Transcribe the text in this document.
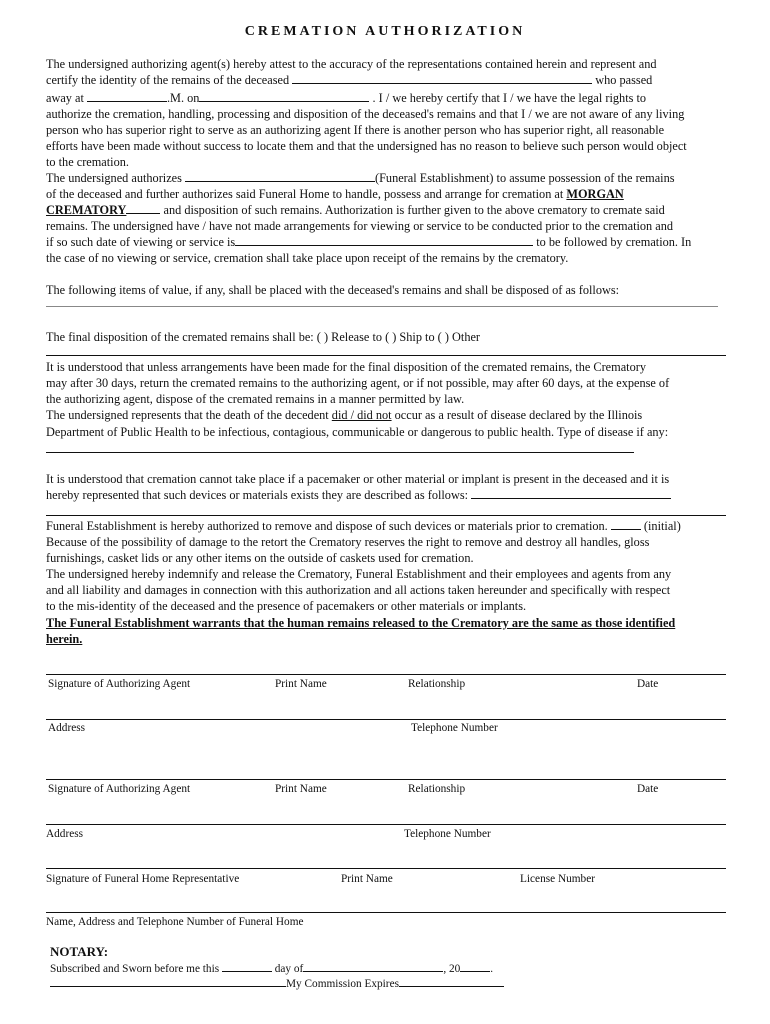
CREMATION AUTHORIZATION
The undersigned authorizing agent(s) hereby attest to the accuracy of the representations contained herein and represent and
certify the identity of the remains of the deceased	who passed
away at	.M. on	. I / we hereby certify that I / we have the legal rights to
authorize the cremation, handling, processing and disposition of the deceased's remains and that I / we are not aware of any living
person who has superior right to serve as an authorizing agent If there is another person who has superior right, all reasonable
efforts have been made without success to locate them and that the undersigned has no reason to believe such person would object
to the cremation.
The undersigned authorizes	(Funeral Establishment) to assume possession of the remains
of the deceased and further authorizes said Funeral Home to handle, possess and arrange for cremation at MORGAN
CREMATORY	and disposition of such remains. Authorization is further given to the above crematory to cremate said
remains. The undersigned have / have not made arrangements for viewing or service to be conducted prior to the cremation and
if so such date of viewing or service is	to be followed by cremation. In
the case of no viewing or service, cremation shall take place upon receipt of the remains by the crematory.
The following items of value, if any, shall be placed with the deceased's remains and shall be disposed of as follows:
The final disposition of the cremated remains shall be: ( ) Release to ( ) Ship to ( ) Other
It is understood that unless arrangements have been made for the final disposition of the cremated remains, the Crematory
may after 30 days, return the cremated remains to the authorizing agent, or if not possible, may after 60 days, at the expense of
the authorizing agent, dispose of the cremated remains in a manner permitted by law.
The undersigned represents that the death of the decedent did / did not occur as a result of disease declared by the Illinois
Department of Public Health to be infectious, contagious, communicable or dangerous to public health. Type of disease if any:
It is understood that cremation cannot take place if a pacemaker or other material or implant is present in the deceased and it is
hereby represented that such devices or materials exists they are described as follows:
Funeral Establishment is hereby authorized to remove and dispose of such devices or materials prior to cremation.	(initial)
Because of the possibility of damage to the retort the Crematory reserves the right to remove and destroy all handles, gloss
furnishings, casket lids or any other items on the outside of caskets used for cremation.
The undersigned hereby indemnify and release the Crematory, Funeral Establishment and their employees and agents from any
and all liability and damages in connection with this authorization and all actions taken hereunder and specifically with respect
to the mis-identity of the deceased and the presence of pacemakers or other materials or implants.
The Funeral Establishment warrants that the human remains released to the Crematory are the same as those identified
herein.
Signature of Authorizing Agent	Print Name	Relationship	Date
Address	Telephone Number
Signature of Authorizing Agent	Print Name	Relationship	Date
Address	Telephone Number
Signature of Funeral Home Representative	Print Name	License Number
Name, Address and Telephone Number of Funeral Home
NOTARY:
Subscribed and Sworn before me this	day of	, 20	.
My Commission Expires
